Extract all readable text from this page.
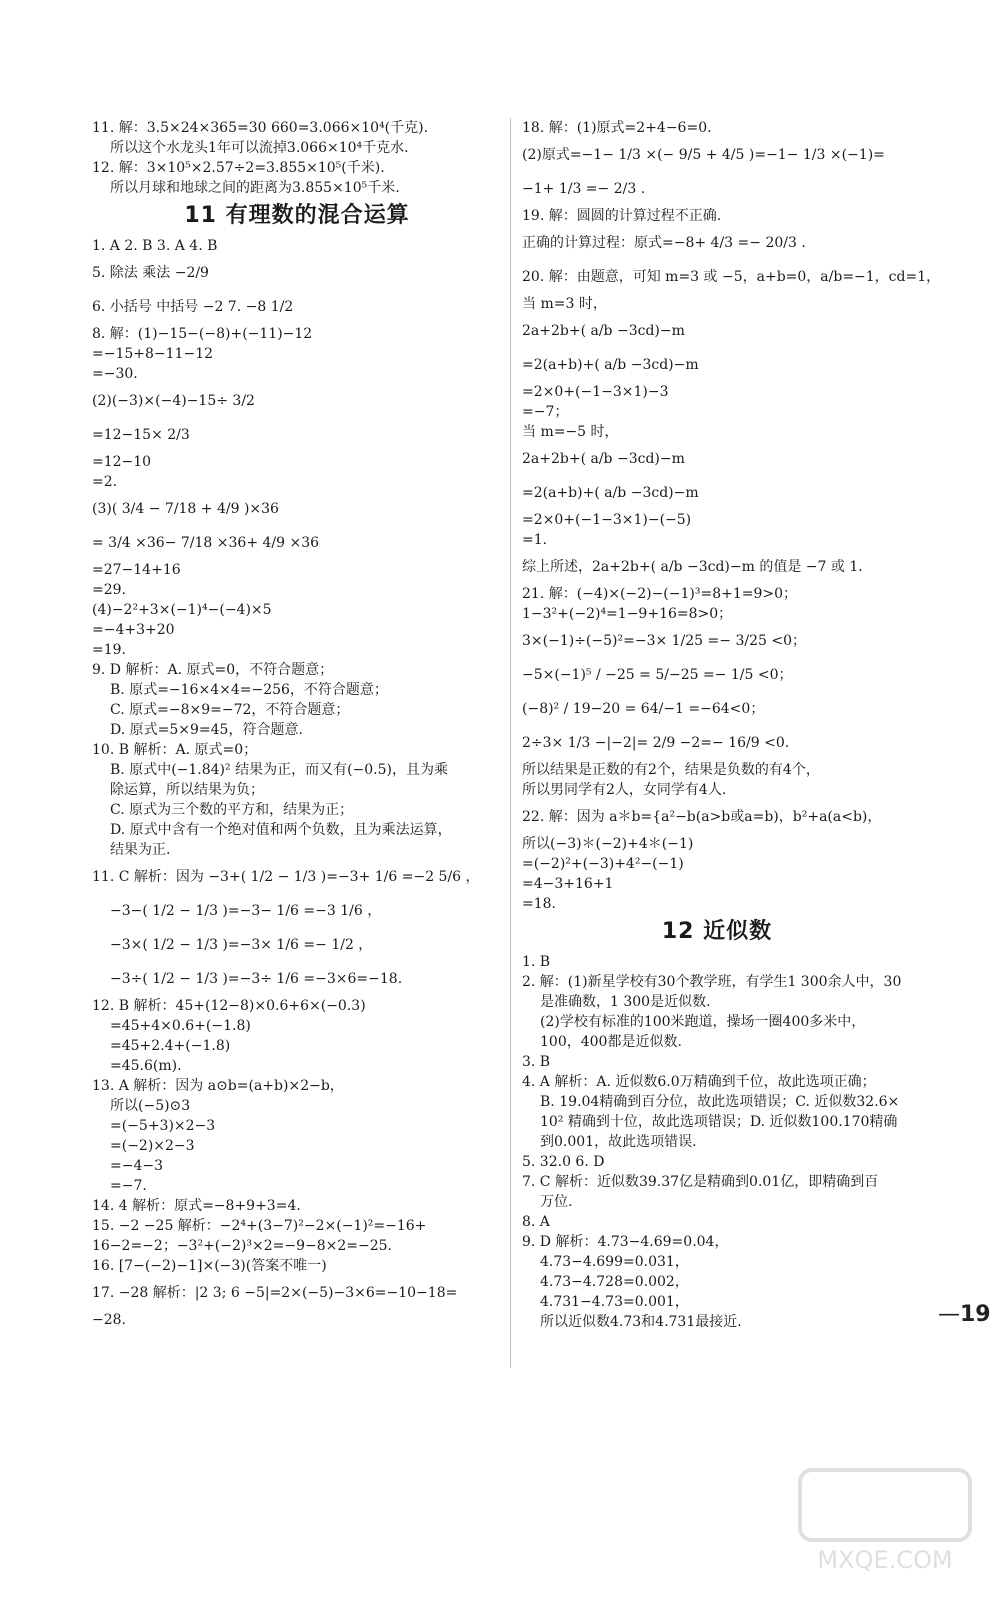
11. 解：3.5×24×365=30 660=3.066×10⁴(千克).
所以这个水龙头1年可以流掉3.066×10⁴千克水.
12. 解：3×10⁵×2.57÷2=3.855×10⁵(千米).
所以月球和地球之间的距离为3.855×10⁵千米.
11 有理数的混合运算
1. A 2. B 3. A 4. B
5. 除法 乘法 −2/9
6. 小括号 中括号 −2 7. −8 1/2
8. 解：(1)−15−(−8)+(−11)−12
=−15+8−11−12
=−30.
(2)(−3)×(−4)−15÷ 3/2
=12−15× 2/3
=12−10
=2.
(3)( 3/4 − 7/18 + 4/9 )×36
= 3/4 ×36− 7/18 ×36+ 4/9 ×36
=27−14+16
=29.
(4)−2²+3×(−1)⁴−(−4)×5
=−4+3+20
=19.
9. D 解析：A. 原式=0，不符合题意；
B. 原式=−16×4×4=−256，不符合题意；
C. 原式=−8×9=−72，不符合题意；
D. 原式=5×9=45，符合题意.
10. B 解析：A. 原式=0；
B. 原式中(−1.84)² 结果为正，而又有(−0.5)，且为乘
除运算，所以结果为负；
C. 原式为三个数的平方和，结果为正；
D. 原式中含有一个绝对值和两个负数，且为乘法运算，
结果为正.
11. C 解析：因为 −3+( 1/2 − 1/3 )=−3+ 1/6 =−2 5/6 ，
−3−( 1/2 − 1/3 )=−3− 1/6 =−3 1/6 ，
−3×( 1/2 − 1/3 )=−3× 1/6 =− 1/2 ，
−3÷( 1/2 − 1/3 )=−3÷ 1/6 =−3×6=−18.
12. B 解析：45+(12−8)×0.6+6×(−0.3)
=45+4×0.6+(−1.8)
=45+2.4+(−1.8)
=45.6(m).
13. A 解析：因为 a⊙b=(a+b)×2−b，
所以(−5)⊙3
=(−5+3)×2−3
=(−2)×2−3
=−4−3
=−7.
14. 4 解析：原式=−8+9+3=4.
15. −2 −25 解析：−2⁴+(3−7)²−2×(−1)²=−16+
16−2=−2；−3²+(−2)³×2=−9−8×2=−25.
16. [7−(−2)−1]×(−3)(答案不唯一)
17. −28 解析：|2 3; 6 −5|=2×(−5)−3×6=−10−18=
−28.
18. 解：(1)原式=2+4−6=0.
(2)原式=−1− 1/3 ×(− 9/5 + 4/5 )=−1− 1/3 ×(−1)=
−1+ 1/3 =− 2/3 .
19. 解：圆圆的计算过程不正确.
正确的计算过程：原式=−8+ 4/3 =− 20/3 .
20. 解：由题意，可知 m=3 或 −5，a+b=0，a/b=−1，cd=1，
当 m=3 时，
2a+2b+( a/b −3cd)−m
=2(a+b)+( a/b −3cd)−m
=2×0+(−1−3×1)−3
=−7；
当 m=−5 时，
2a+2b+( a/b −3cd)−m
=2(a+b)+( a/b −3cd)−m
=2×0+(−1−3×1)−(−5)
=1.
综上所述，2a+2b+( a/b −3cd)−m 的值是 −7 或 1.
21. 解：(−4)×(−2)−(−1)³=8+1=9>0；
1−3²+(−2)⁴=1−9+16=8>0；
3×(−1)÷(−5)²=−3× 1/25 =− 3/25 <0；
−5×(−1)⁵ / −25 = 5/−25 =− 1/5 <0；
(−8)² / 19−20 = 64/−1 =−64<0；
2÷3× 1/3 −|−2|= 2/9 −2=− 16/9 <0.
所以结果是正数的有2个，结果是负数的有4个，
所以男同学有2人，女同学有4人.
22. 解：因为 a＊b={a²−b(a>b或a=b)，b²+a(a<b)，
所以(−3)＊(−2)+4＊(−1)
=(−2)²+(−3)+4²−(−1)
=4−3+16+1
=18.
12 近似数
1. B
2. 解：(1)新星学校有30个教学班，有学生1 300余人中，30
是准确数，1 300是近似数.
(2)学校有标准的100米跑道，操场一圈400多米中，
100，400都是近似数.
3. B
4. A 解析：A. 近似数6.0万精确到千位，故此选项正确；
B. 19.04精确到百分位，故此选项错误；C. 近似数32.6×
10² 精确到十位，故此选项错误；D. 近似数100.170精确
到0.001，故此选项错误.
5. 32.0 6. D
7. C 解析：近似数39.37亿是精确到0.01亿，即精确到百
万位.
8. A
9. D 解析：4.73−4.69=0.04，
4.73−4.699=0.031，
4.73−4.728=0.002，
4.731−4.73=0.001，
所以近似数4.73和4.731最接近.
—	19
MXQE.COM
